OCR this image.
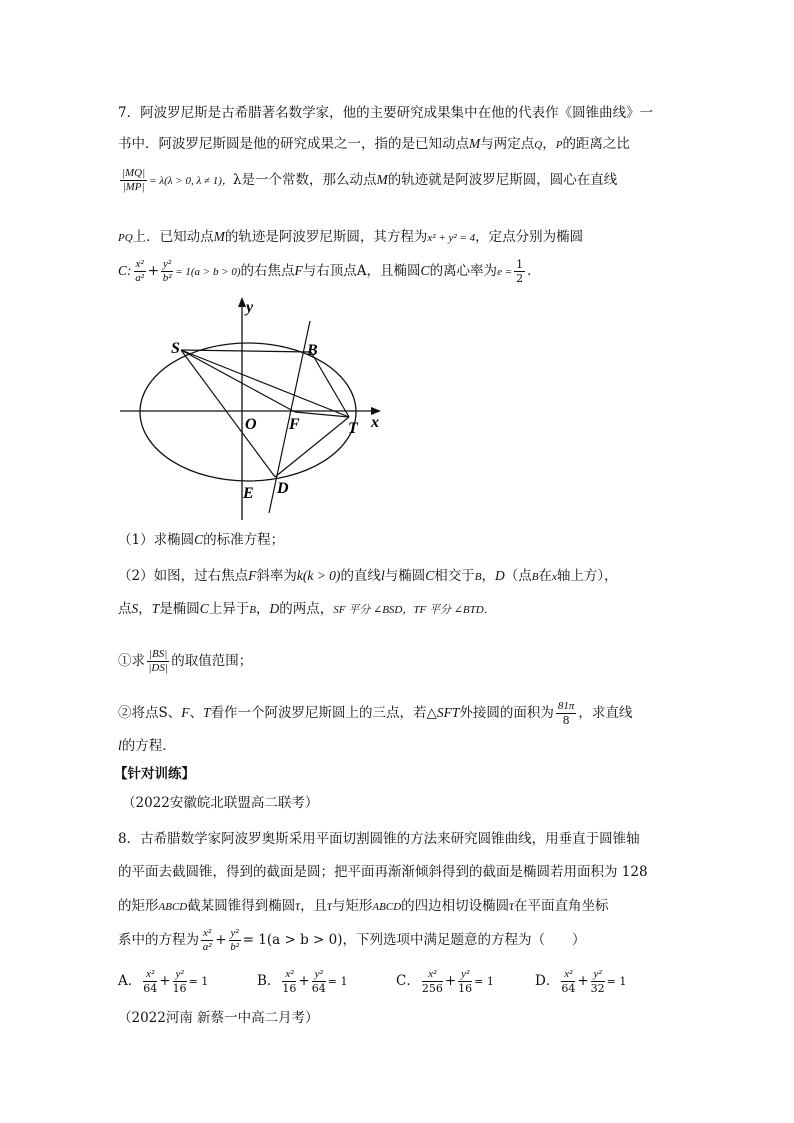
7．阿波罗尼斯是古希腊著名数学家，他的主要研究成果集中在他的代表作《圆锥曲线》一
书中．阿波罗尼斯圆是他的研究成果之一，指的是已知动点M与两定点Q，P的距离之比
$\frac{|MQ|}{|MP|} = \lambda(\lambda > 0$, λ ≠ 1)，λ是一个常数，那么动点M的轨迹就是阿波罗尼斯圆，圆心在直线
PQ上．已知动点M的轨迹是阿波罗尼斯圆，其方程为x² + y² = 4，定点分别为椭圆
C: $\frac{\text{x²}}{\text{a²}} + \frac{\text{y²}}{\text{b²}} = 1(a > b > 0)$的右焦点F与右顶点A，且椭圆C的离心率为$e = \frac{1}{2}$ ．
y
x
S	B
O F	T
E D
（1）求椭圆C的标准方程；
（2）如图，过右焦点F斜率为k(k > 0)的直线l与椭圆C相交于B，D（点B在x轴上方），
点S，T是椭圆C上异于B，D的两点，SF 平分 ∠BSD，TF 平分 ∠BTD．
①求 $\frac{|BS|}{|DS|}$ 的取值范围；
②将点S、F、T看作一个阿波罗尼斯圆上的三点，若△SFT外接圆的面积为 $\frac{81\pi}{8}$ ，求直线
l的方程．
【针对训练】
（2022安徽皖北联盟高二联考）
8．古希腊数学家阿波罗奥斯采用平面切割圆锥的方法来研究圆锥曲线，用垂直于圆锥轴
的平面去截圆锥，得到的截面是圆；把平面再渐渐倾斜得到的截面是椭圆若用面积为 128
的矩形ABCD截某圆锥得到椭圆τ，且τ与矩形ABCD的四边相切设椭圆τ在平面直角坐标
系中的方程为 $\frac{\text{x²}}{\text{a²}} + \frac{\text{y²}}{\text{b²}} = 1(a > b > 0)$，下列选项中满足题意的方程为（　　）
A． $\frac{\text{x²}}{64} + \frac{\text{y²}}{16} = 1$	B． $\frac{\text{x²}}{16} + \frac{\text{y²}}{64} = 1$	C． $\frac{\text{x²}}{256} + \frac{\text{y²}}{16} = 1$	D． $\frac{\text{x²}}{64} + \frac{\text{y²}}{32} = 1$
（2022河南 新蔡一中高二月考）
